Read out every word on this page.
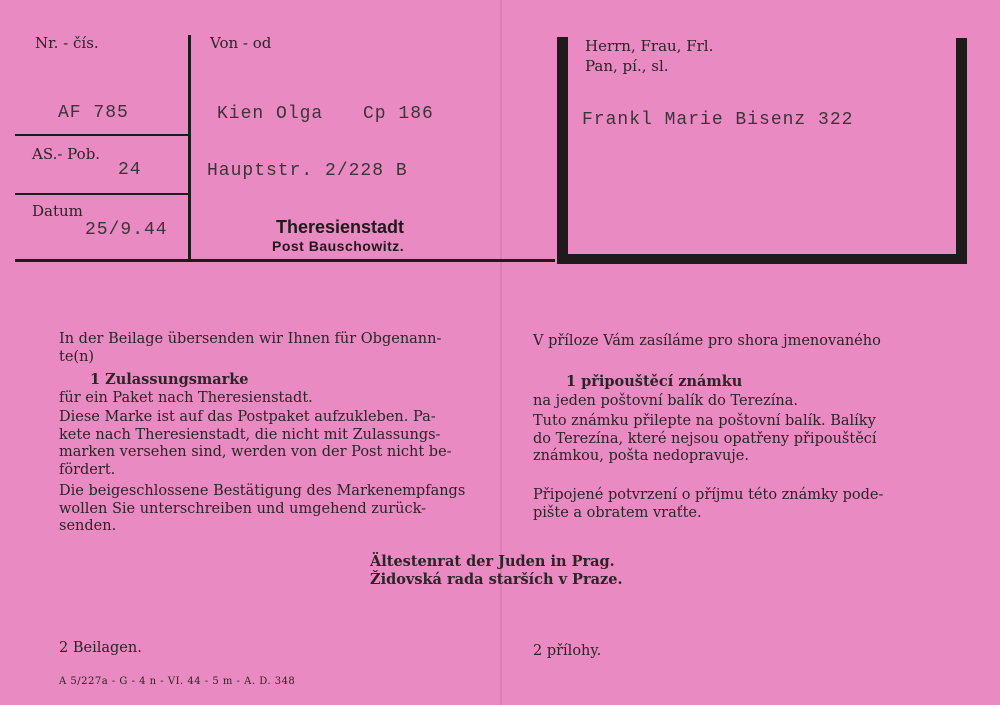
Nr. - čís.
AF 785
AS.- Pob.
24
Datum
25/9.44
Von - od
Kien Olga Cp 186
Hauptstr. 2/228 B
Theresienstadt
Post Bauschowitz.
Herrn, Frau, Frl.
Pan, pí., sl.
Frankl Marie Bisenz 322
In der Beilage übersenden wir Ihnen für Obgenann-
te(n)
1 Zulassungsmarke
für ein Paket nach Theresienstadt.
Diese Marke ist auf das Postpaket aufzukleben. Pa-
kete nach Theresienstadt, die nicht mit Zulassungs-
marken versehen sind, werden von der Post nicht be-
fördert.
Die beigeschlossene Bestätigung des Markenempfangs
wollen Sie unterschreiben und umgehend zurück-
senden.
2 Beilagen.
V příloze Vám zasíláme pro shora jmenovaného
1 připouštěcí známku
na jeden poštovní balík do Terezína.
Tuto známku přilepte na poštovní balík. Balíky
do Terezína, které nejsou opatřeny připouštěcí
známkou, pošta nedopravuje.
Připojené potvrzení o příjmu této známky pode-
pište a obratem vraťte.
2 přílohy.
Ältestenrat der Juden in Prag.
Židovská rada starších v Praze.
A 5/227a - G - 4 n - VI. 44 - 5 m - A. D. 348
